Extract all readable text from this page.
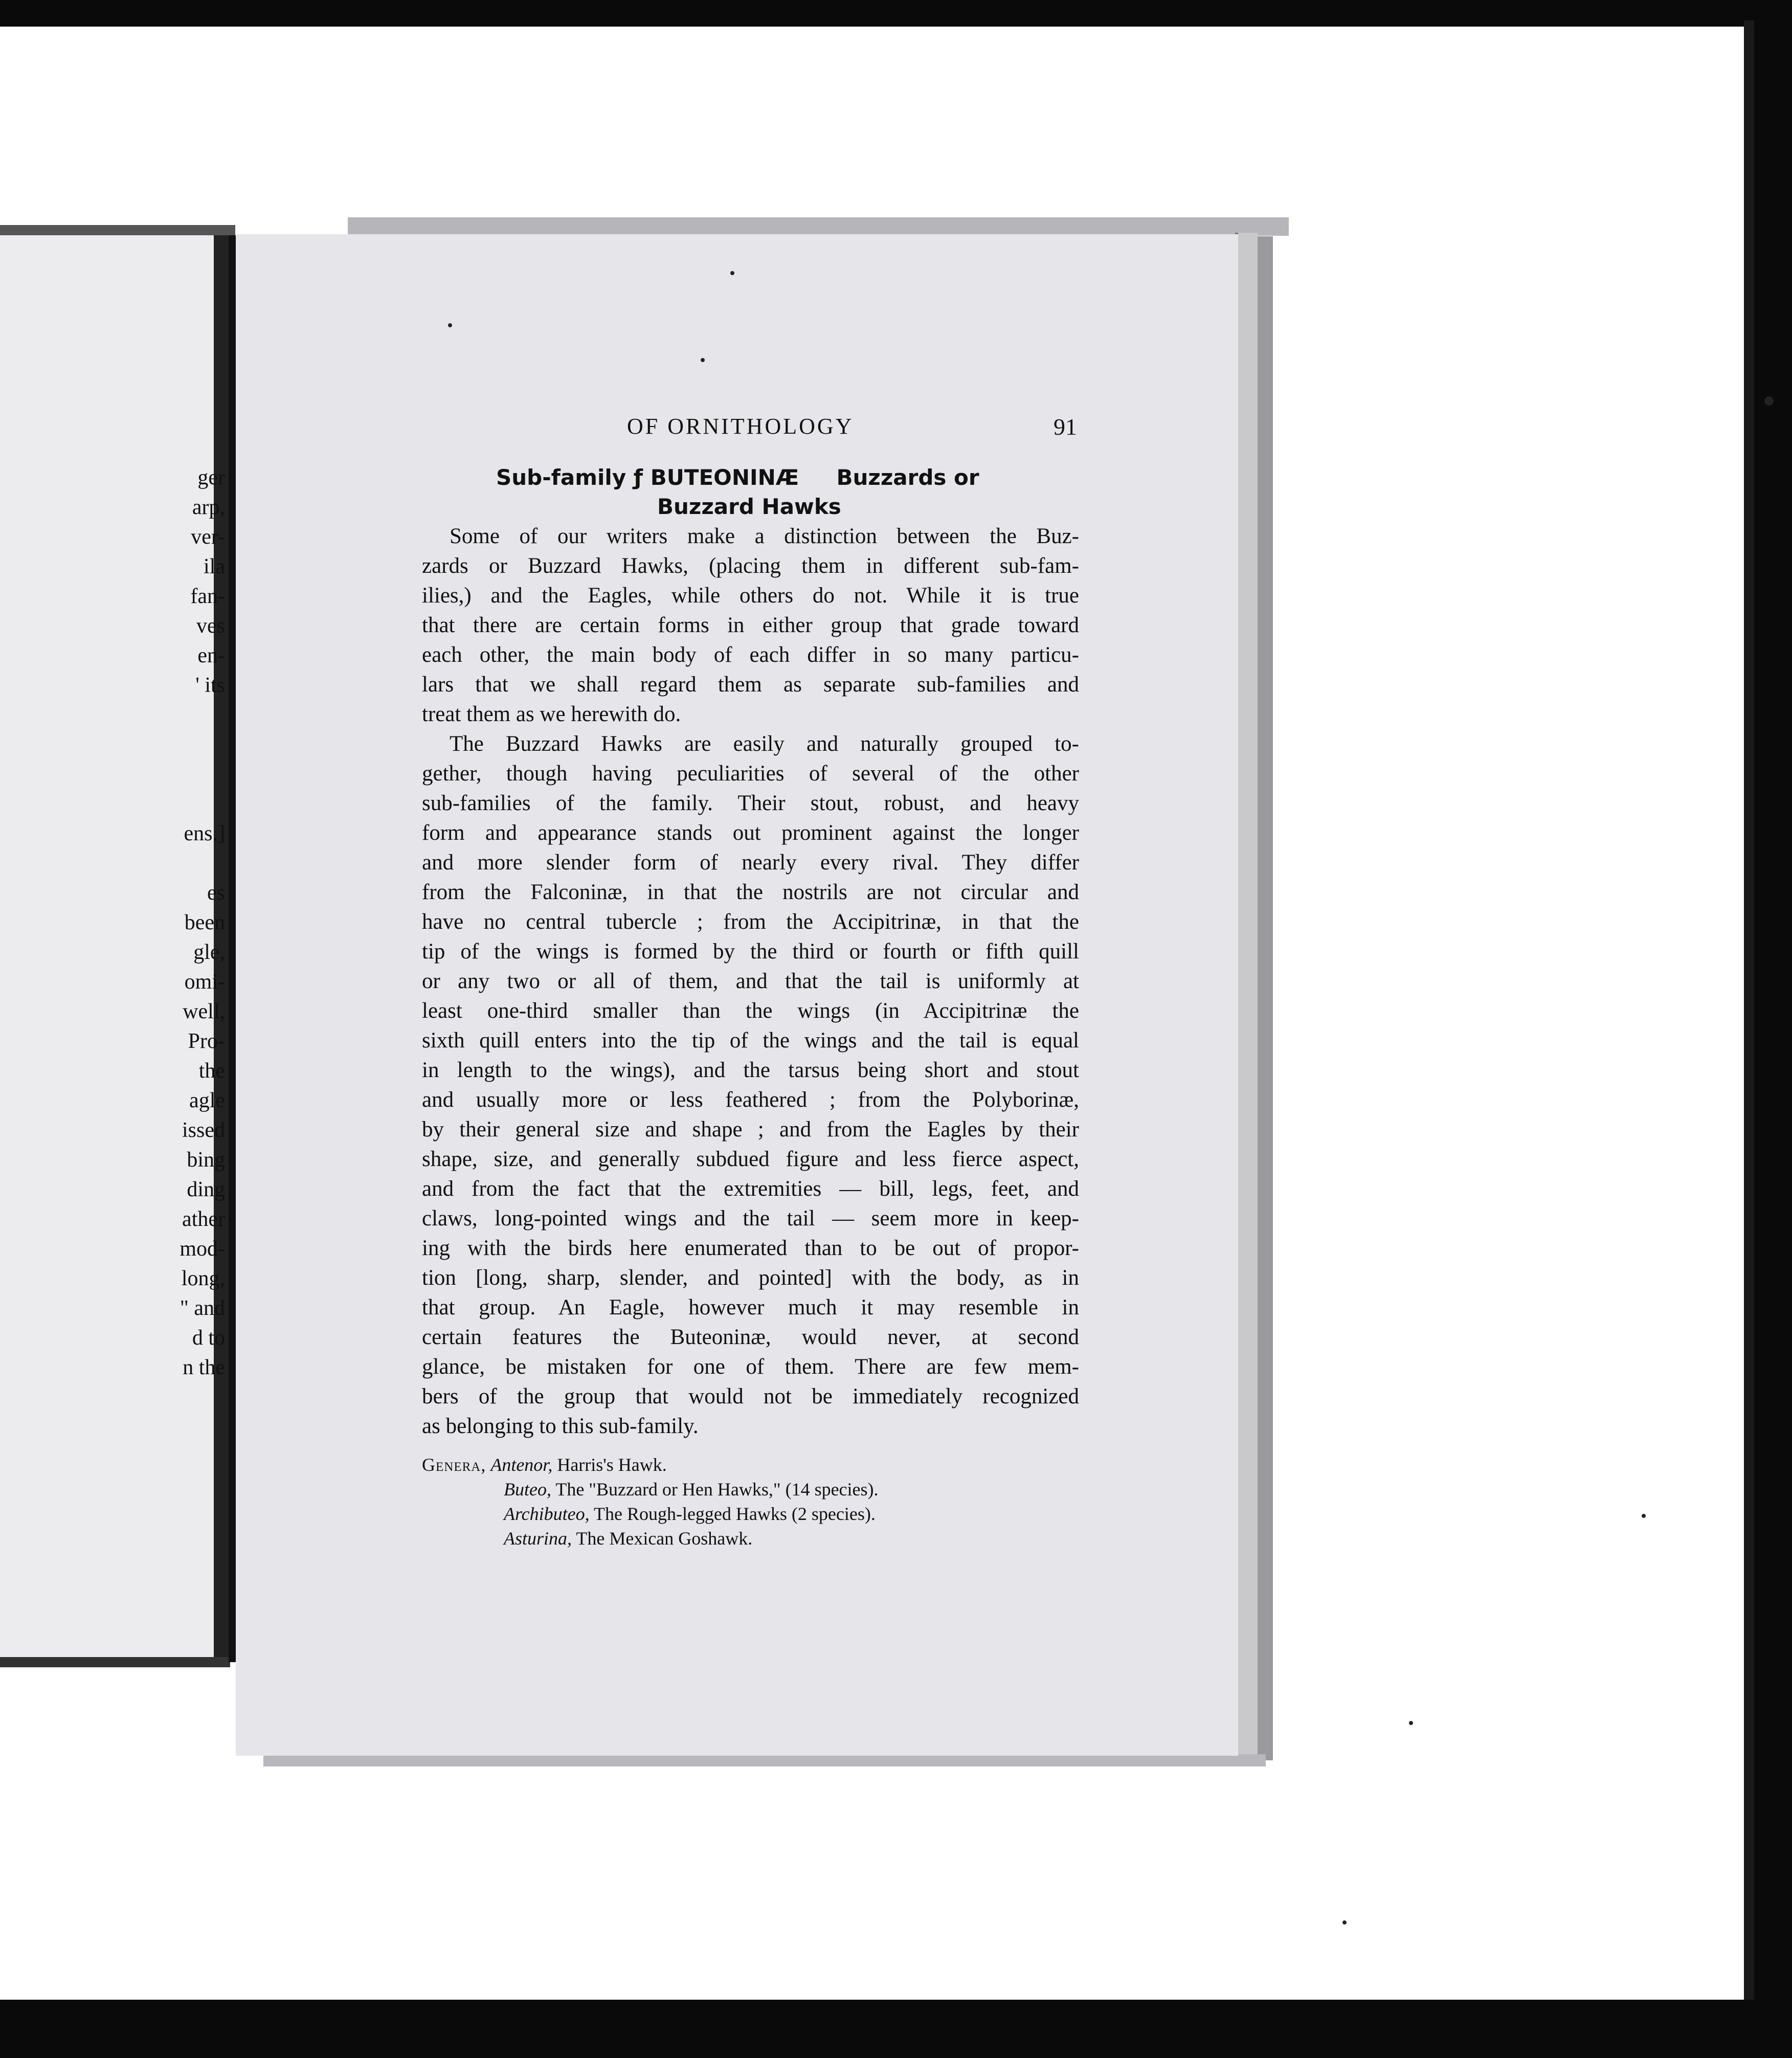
ger
arp,
ver-
ila
fan-
ves
en-
' its
ens.]
es
been
gle,
omi-
well,
Pro-
the
agle
issed
bing
ding
ather
mod-
long,
" and
d to
n the
OF ORNITHOLOGY	91
Sub-family ƒ BUTEONINÆ     Buzzards or
Buzzard Hawks
Some of our writers make a distinction between the Buz-
zards or Buzzard Hawks, (placing them in different sub-fam-
ilies,) and the Eagles, while others do not. While it is true
that there are certain forms in either group that grade toward
each other, the main body of each differ in so many particu-
lars that we shall regard them as separate sub-families and
treat them as we herewith do.
The Buzzard Hawks are easily and naturally grouped to-
gether, though having peculiarities of several of the other
sub-families of the family. Their stout, robust, and heavy
form and appearance stands out prominent against the longer
and more slender form of nearly every rival. They differ
from the Falconinæ, in that the nostrils are not circular and
have no central tubercle ; from the Accipitrinæ, in that the
tip of the wings is formed by the third or fourth or fifth quill
or any two or all of them, and that the tail is uniformly at
least one-third smaller than the wings (in Accipitrinæ the
sixth quill enters into the tip of the wings and the tail is equal
in length to the wings), and the tarsus being short and stout
and usually more or less feathered ; from the Polyborinæ,
by their general size and shape ; and from the Eagles by their
shape, size, and generally subdued figure and less fierce aspect,
and from the fact that the extremities — bill, legs, feet, and
claws, long-pointed wings and the tail — seem more in keep-
ing with the birds here enumerated than to be out of propor-
tion [long, sharp, slender, and pointed] with the body, as in
that group. An Eagle, however much it may resemble in
certain features the Buteoninæ, would never, at second
glance, be mistaken for one of them. There are few mem-
bers of the group that would not be immediately recognized
as belonging to this sub-family.
Genera, Antenor, Harris's Hawk.
Buteo, The "Buzzard or Hen Hawks," (14 species).
Archibuteo, The Rough-legged Hawks (2 species).
Asturina, The Mexican Goshawk.
